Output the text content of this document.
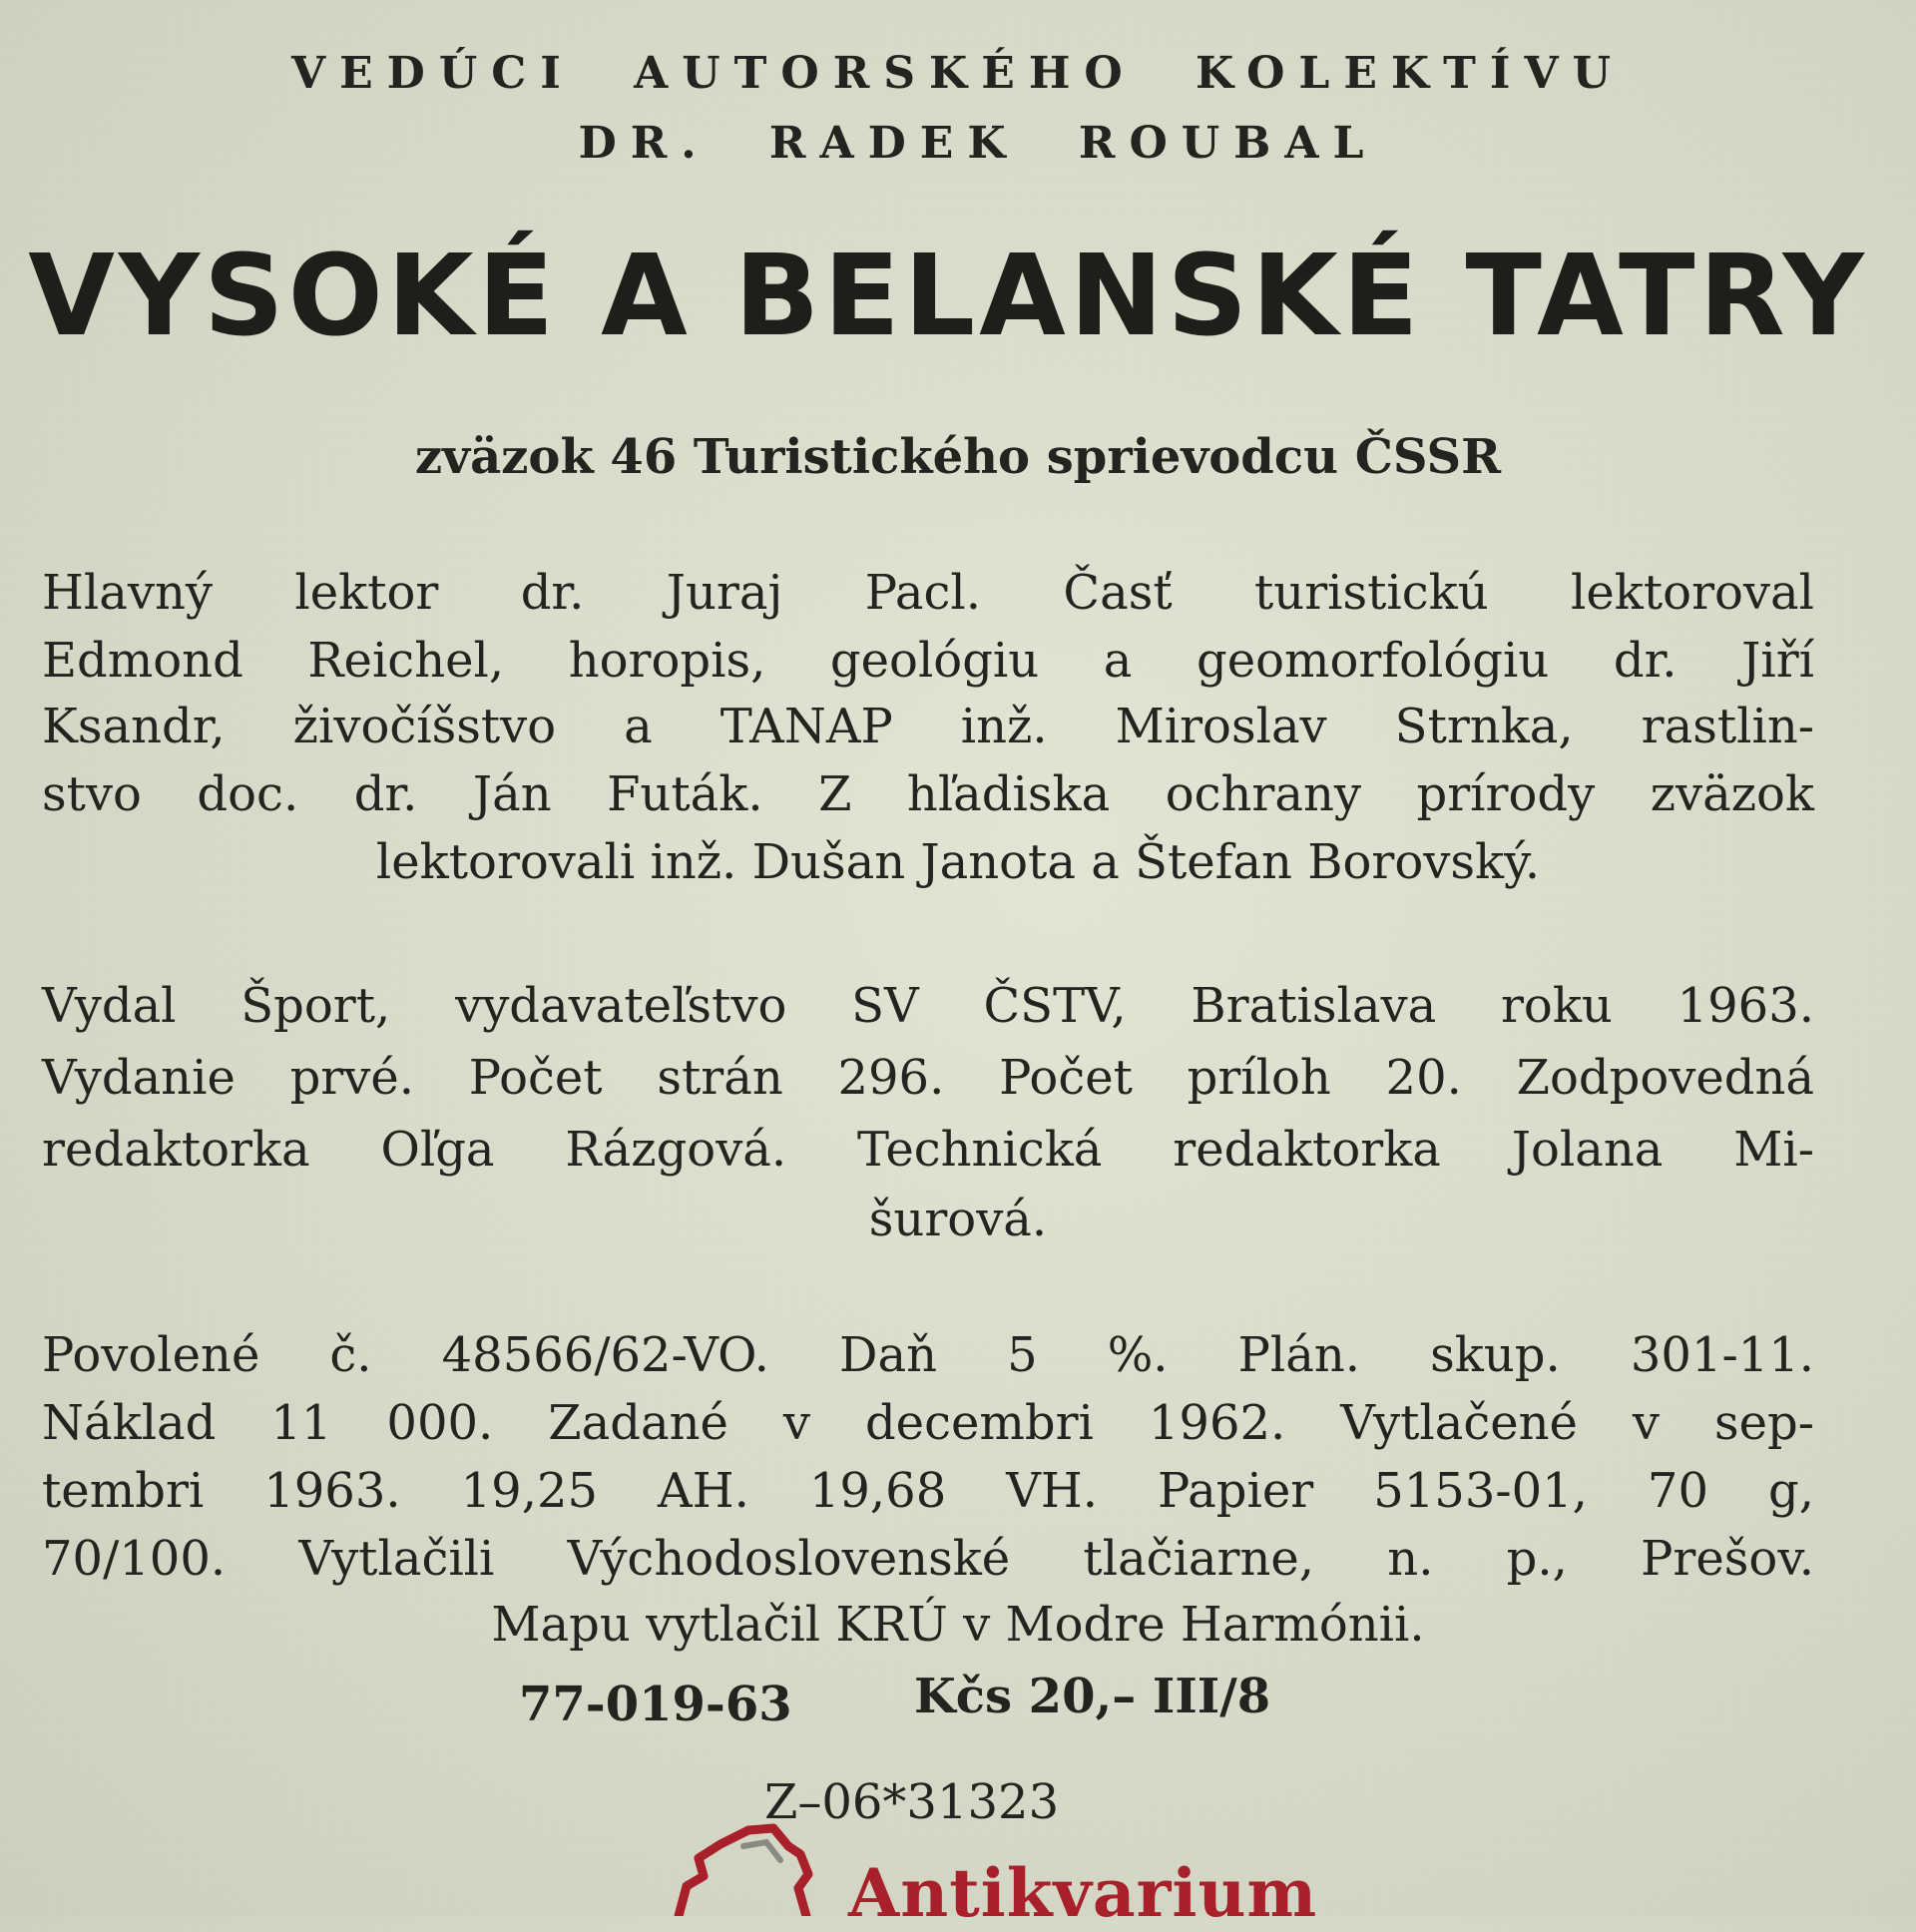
VEDÚCI AUTORSKÉHO KOLEKTÍVU

DR. RADEK ROUBAL

VYSOKÉ A BELANSKÉ TATRY

zväzok 46 Turistického sprievodcu ČSSR

Hlavný lektor dr. Juraj Pacl. Časť turistickú lektoroval

Edmond Reichel, horopis, geológiu a geomorfológiu dr. Jiří

Ksandr, živočíšstvo a TANAP inž. Miroslav Strnka, rastlin-

stvo doc. dr. Ján Futák. Z hľadiska ochrany prírody zväzok

lektorovali inž. Dušan Janota a Štefan Borovský.

Vydal Šport, vydavateľstvo SV ČSTV, Bratislava roku 1963.

Vydanie prvé. Počet strán 296. Počet príloh 20. Zodpovedná

redaktorka Oľga Rázgová. Technická redaktorka Jolana Mi-

šurová.

Povolené č. 48566/62-VO. Daň 5 %. Plán. skup. 301-11.

Náklad 11 000. Zadané v decembri 1962. Vytlačené v sep-

tembri 1963. 19,25 AH. 19,68 VH. Papier 5153-01, 70 g,

70/100. Vytlačili Východoslovenské tlačiarne, n. p., Prešov.

Mapu vytlačil KRÚ v Modre Harmónii.

77-019-63	Kčs 20,– III/8

Z–06*31323

Antikvarium
